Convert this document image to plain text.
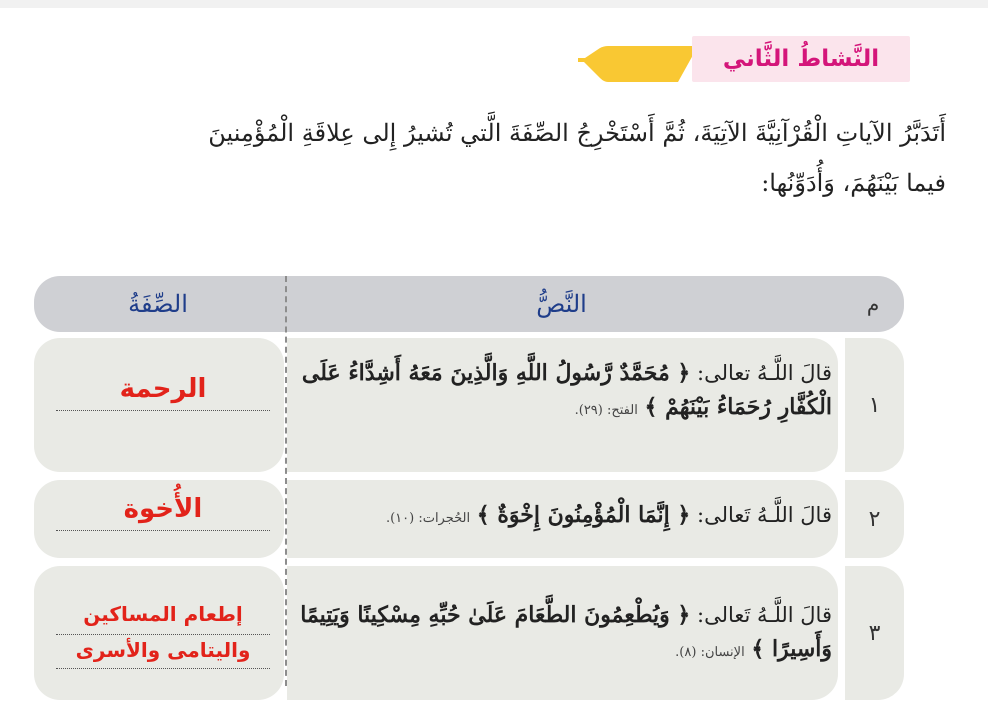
النَّشاطُ الثَّاني
أَتَدَبَّرُ الآياتِ الْقُرْآنِيَّةَ الآتِيَةَ، ثُمَّ أَسْتَخْرِجُ الصِّفَةَ الَّتي تُشيرُ إِلى عِلاقَةِ الْمُؤْمِنينَ
فيما بَيْنَهُمَ، وَأُدَوِّنُها:
الصِّفَةُ	النَّصُّ	م
١
٢
٣
قالَ اللَّـهُ تعالى: ﴿ مُحَمَّدٌ رَّسُولُ اللَّهِ وَالَّذِينَ مَعَهُ أَشِدَّاءُ عَلَى
الْكُفَّارِ رُحَمَاءُ بَيْنَهُمْ ﴾ الفتح: (٢٩).
الرحمة
قالَ اللَّـهُ تَعالى: ﴿ إِنَّمَا الْمُؤْمِنُونَ إِخْوَةٌ ﴾ الحُجرات: (١٠).
الأُخوة
قالَ اللَّـهُ تَعالى: ﴿ وَيُطْعِمُونَ الطَّعَامَ عَلَىٰ حُبِّهِ مِسْكِينًا وَيَتِيمًا
وَأَسِيرًا ﴾ الإنسان: (٨).
إطعام المساكين
واليتامى والأسرى
